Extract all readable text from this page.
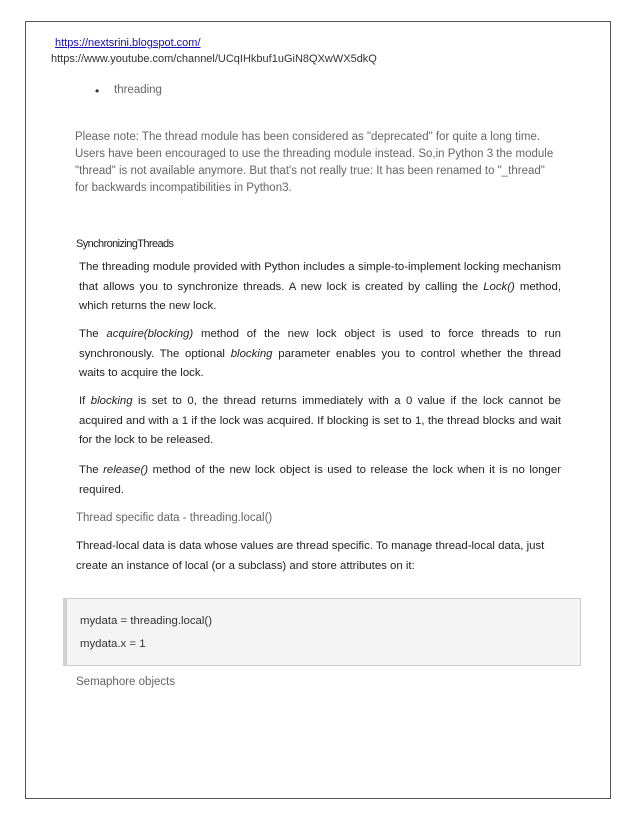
https://nextsrini.blogspot.com/
https://www.youtube.com/channel/UCqIHkbuf1uGiN8QXwWX5dkQ
• threading
Please note: The thread module has been considered as "deprecated" for quite a long time. Users have been encouraged to use the threading module instead. So,in Python 3 the module "thread" is not available anymore. But that's not really true: It has been renamed to "_thread" for backwards incompatibilities in Python3.
SynchronizingThreads
The threading module provided with Python includes a simple-to-implement locking mechanism that allows you to synchronize threads. A new lock is created by calling the Lock() method, which returns the new lock.
The acquire(blocking) method of the new lock object is used to force threads to run synchronously. The optional blocking parameter enables you to control whether the thread waits to acquire the lock.
If blocking is set to 0, the thread returns immediately with a 0 value if the lock cannot be acquired and with a 1 if the lock was acquired. If blocking is set to 1, the thread blocks and wait for the lock to be released.
The release() method of the new lock object is used to release the lock when it is no longer required.
Thread specific data - threading.local()
Thread-local data is data whose values are thread specific. To manage thread-local data, just create an instance of local (or a subclass) and store attributes on it:
mydata = threading.local()
mydata.x = 1
Semaphore objects
